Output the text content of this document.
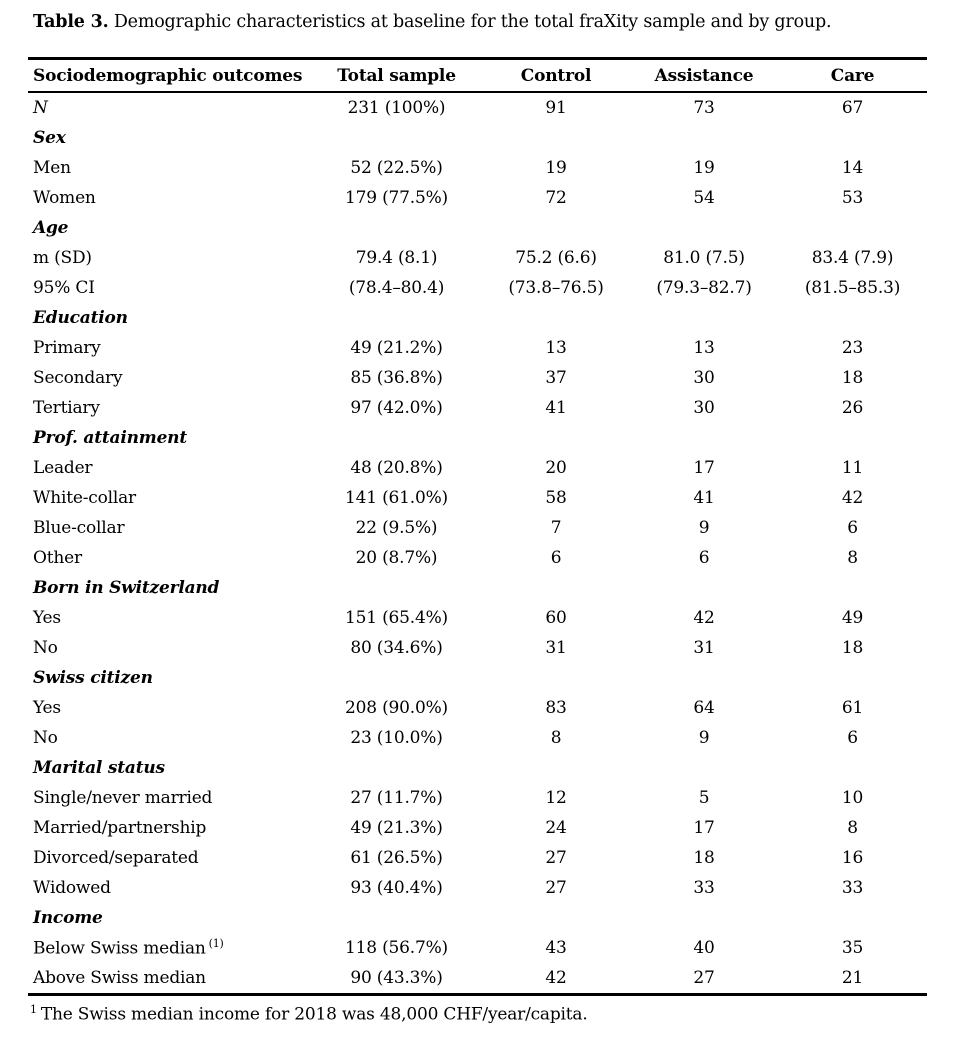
Table 3. Demographic characteristics at baseline for the total fraXity sample and by group.

Sociodemographic outcomes	Total sample	Control	Assistance	Care
N	231 (100%)	91	73	67
Sex				
Men	52 (22.5%)	19	19	14
Women	179 (77.5%)	72	54	53
Age				
m (SD)	79.4 (8.1)	75.2 (6.6)	81.0 (7.5)	83.4 (7.9)
95% CI	(78.4–80.4)	(73.8–76.5)	(79.3–82.7)	(81.5–85.3)
Education				
Primary	49 (21.2%)	13	13	23
Secondary	85 (36.8%)	37	30	18
Tertiary	97 (42.0%)	41	30	26
Prof. attainment				
Leader	48 (20.8%)	20	17	11
White-collar	141 (61.0%)	58	41	42
Blue-collar	22 (9.5%)	7	9	6
Other	20 (8.7%)	6	6	8
Born in Switzerland				
Yes	151 (65.4%)	60	42	49
No	80 (34.6%)	31	31	18
Swiss citizen				
Yes	208 (90.0%)	83	64	61
No	23 (10.0%)	8	9	6
Marital status				
Single/never married	27 (11.7%)	12	5	10
Married/partnership	49 (21.3%)	24	17	8
Divorced/separated	61 (26.5%)	27	18	16
Widowed	93 (40.4%)	27	33	33
Income				
Below Swiss median $^{(1)}$	118 (56.7%)	43	40	35
Above Swiss median	90 (43.3%)	42	27	21

$^1$ The Swiss median income for 2018 was 48,000 CHF/year/capita.
